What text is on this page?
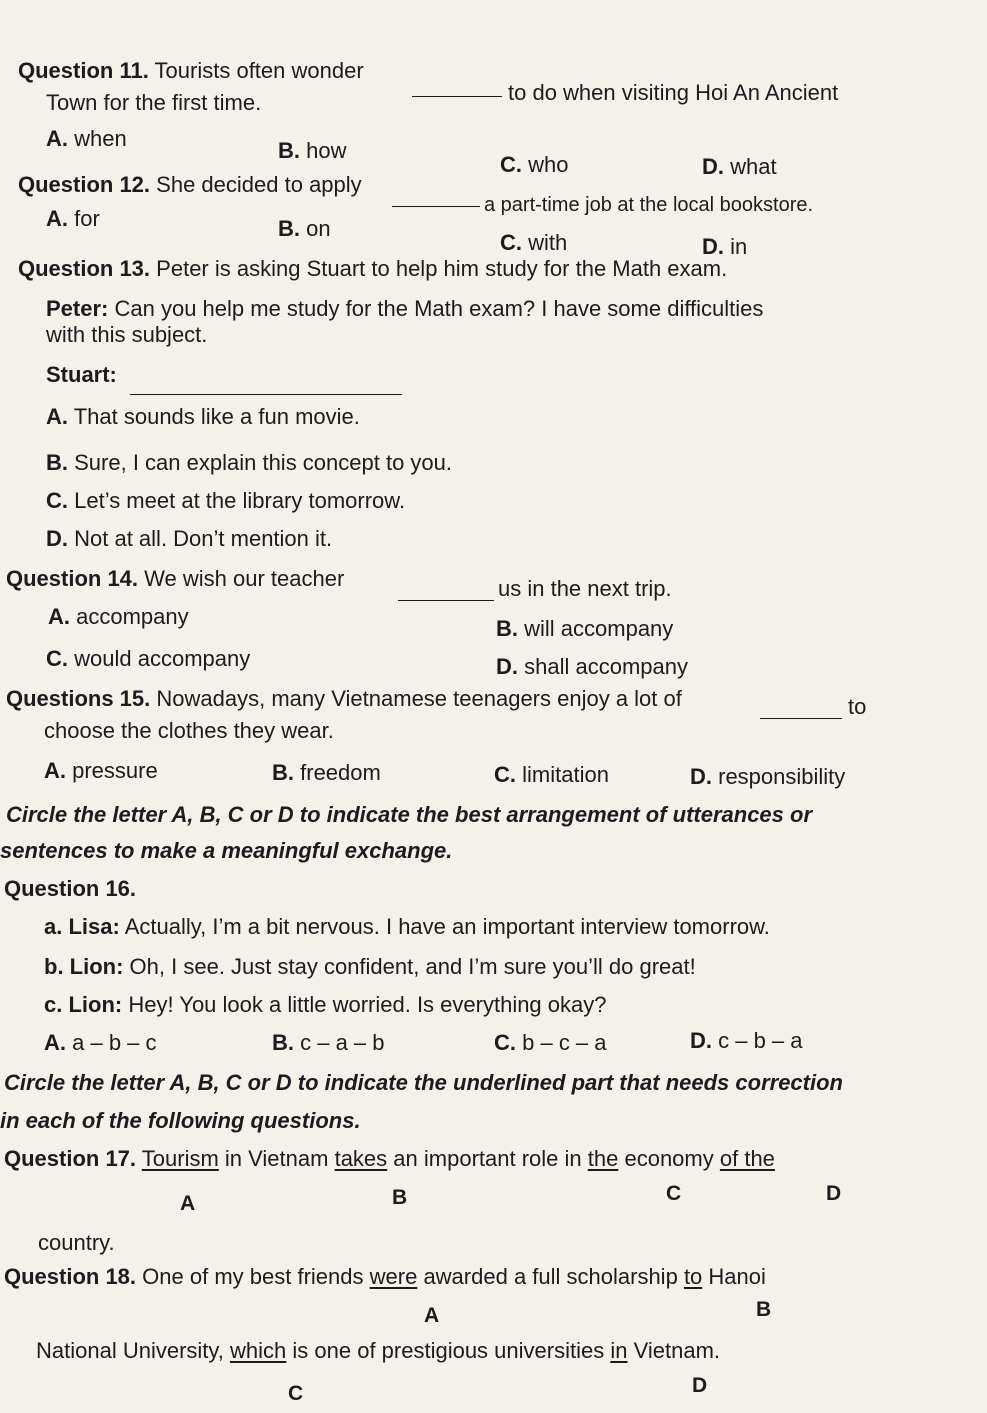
Question 11. Tourists often wonder
to do when visiting Hoi An Ancient
Town for the first time.
A. when	B. how
C. who	D. what
Question 12. She decided to apply
a part-time job at the local bookstore.
A. for	B. on
C. with	D. in
Question 13. Peter is asking Stuart to help him study for the Math exam.
Peter: Can you help me study for the Math exam? I have some difficulties
with this subject.
Stuart:
A. That sounds like a fun movie.
B. Sure, I can explain this concept to you.
C. Let’s meet at the library tomorrow.
D. Not at all. Don’t mention it.
Question 14. We wish our teacher	us in the next trip.
A. accompany	B. will accompany
C. would accompany	D. shall accompany
Questions 15. Nowadays, many Vietnamese teenagers enjoy a lot of	to
choose the clothes they wear.
A. pressure	B. freedom	C. limitation	D. responsibility
Circle the letter A, B, C or D to indicate the best arrangement of utterances or
sentences to make a meaningful exchange.
Question 16.
a. Lisa: Actually, I’m a bit nervous. I have an important interview tomorrow.
b. Lion: Oh, I see. Just stay confident, and I’m sure you’ll do great!
c. Lion: Hey! You look a little worried. Is everything okay?
A. a – b – c	B. c – a – b	C. b – c – a	D. c – b – a
Circle the letter A, B, C or D to indicate the underlined part that needs correction
in each of the following questions.
Question 17. Tourism in Vietnam takes an important role in the economy of the
A	B	C	D
country.
Question 18. One of my best friends were awarded a full scholarship to Hanoi
A	B
National University, which is one of prestigious universities in Vietnam.
C	D
